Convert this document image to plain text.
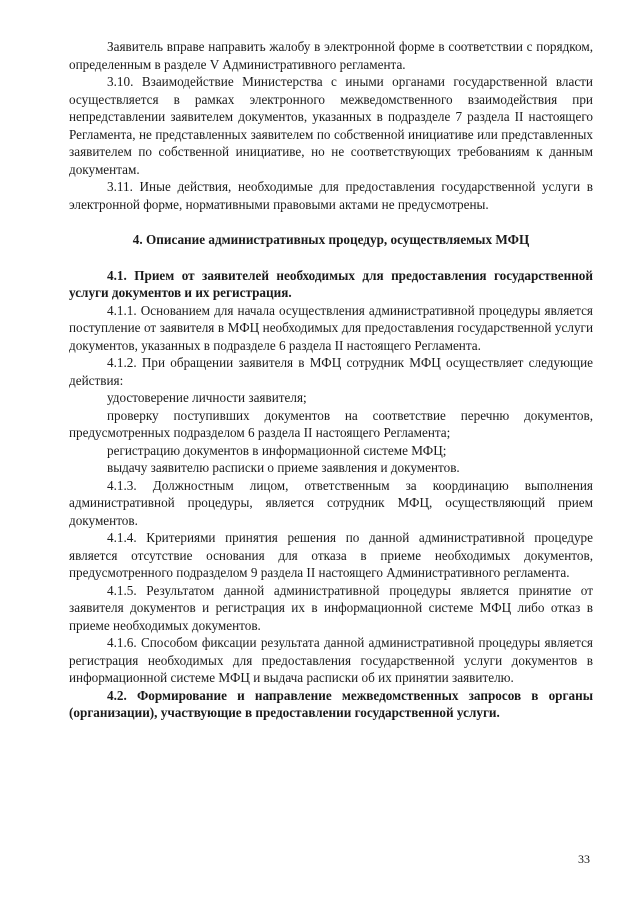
Заявитель вправе направить жалобу в электронной форме в соответствии с порядком, определенным в разделе V Административного регламента.

3.10. Взаимодействие Министерства с иными органами государственной власти осуществляется в рамках электронного межведомственного взаимодействия при непредставлении заявителем документов, указанных в подразделе 7 раздела II настоящего Регламента, не представленных заявителем по собственной инициативе или представленных заявителем по собственной инициативе, но не соответствующих требованиям к данным документам.

3.11. Иные действия, необходимые для предоставления государственной услуги в электронной форме, нормативными правовыми актами не предусмотрены.

4. Описание административных процедур, осуществляемых МФЦ

4.1. Прием от заявителей необходимых для предоставления государственной услуги документов и их регистрация.

4.1.1. Основанием для начала осуществления административной процедуры является поступление от заявителя в МФЦ необходимых для предоставления государственной услуги документов, указанных в подразделе 6 раздела II настоящего Регламента.

4.1.2. При обращении заявителя в МФЦ сотрудник МФЦ осуществляет следующие действия:

удостоверение личности заявителя;

проверку поступивших документов на соответствие перечню документов, предусмотренных подразделом 6 раздела II настоящего Регламента;

регистрацию документов в информационной системе МФЦ;

выдачу заявителю расписки о приеме заявления и документов.

4.1.3. Должностным лицом, ответственным за координацию выполнения административной процедуры, является сотрудник МФЦ, осуществляющий прием документов.

4.1.4. Критериями принятия решения по данной административной процедуре является отсутствие основания для отказа в приеме необходимых документов, предусмотренного подразделом 9 раздела II настоящего Административного регламента.

4.1.5. Результатом данной административной процедуры является принятие от заявителя документов и регистрация их в информационной системе МФЦ либо отказ в приеме необходимых документов.

4.1.6. Способом фиксации результата данной административной процедуры является регистрация необходимых для предоставления государственной услуги документов в информационной системе МФЦ и выдача расписки об их принятии заявителю.

4.2. Формирование и направление межведомственных запросов в органы (организации), участвующие в предоставлении государственной услуги.

33
